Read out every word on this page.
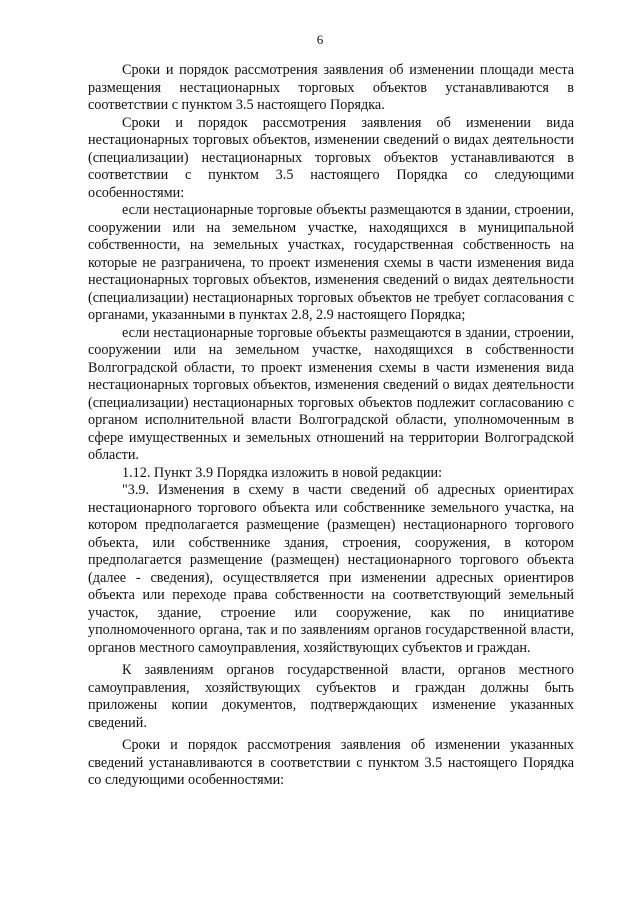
6

Сроки и порядок рассмотрения заявления об изменении площади места размещения нестационарных торговых объектов устанавливаются в соответствии с пунктом 3.5 настоящего Порядка.

Сроки и порядок рассмотрения заявления об изменении вида нестационарных торговых объектов, изменении сведений о видах деятельности (специализации) нестационарных торговых объектов устанавливаются в соответствии с пунктом 3.5 настоящего Порядка со следующими особенностями:

если нестационарные торговые объекты размещаются в здании, строении, сооружении или на земельном участке, находящихся в муниципальной собственности, на земельных участках, государственная собственность на которые не разграничена, то проект изменения схемы в части изменения вида нестационарных торговых объектов, изменения сведений о видах деятельности (специализации) нестационарных торговых объектов не требует согласования с органами, указанными в пунктах 2.8, 2.9 настоящего Порядка;

если нестационарные торговые объекты размещаются в здании, строении, сооружении или на земельном участке, находящихся в собственности Волгоградской области, то проект изменения схемы в части изменения вида нестационарных торговых объектов, изменения сведений о видах деятельности (специализации) нестационарных торговых объектов подлежит согласованию с органом исполнительной власти Волгоградской области, уполномоченным в сфере имущественных и земельных отношений на территории Волгоградской области.

1.12. Пункт 3.9 Порядка изложить в новой редакции:

"3.9. Изменения в схему в части сведений об адресных ориентирах нестационарного торгового объекта или собственнике земельного участка, на котором предполагается размещение (размещен) нестационарного торгового объекта, или собственнике здания, строения, сооружения, в котором предполагается размещение (размещен) нестационарного торгового объекта (далее - сведения), осуществляется при изменении адресных ориентиров объекта или переходе права собственности на соответствующий земельный участок, здание, строение или сооружение, как по инициативе уполномоченного органа, так и по заявлениям органов государственной власти, органов местного самоуправления, хозяйствующих субъектов и граждан.

К заявлениям органов государственной власти, органов местного самоуправления, хозяйствующих субъектов и граждан должны быть приложены копии документов, подтверждающих изменение указанных сведений.

Сроки и порядок рассмотрения заявления об изменении указанных сведений устанавливаются в соответствии с пунктом 3.5 настоящего Порядка со следующими особенностями:
